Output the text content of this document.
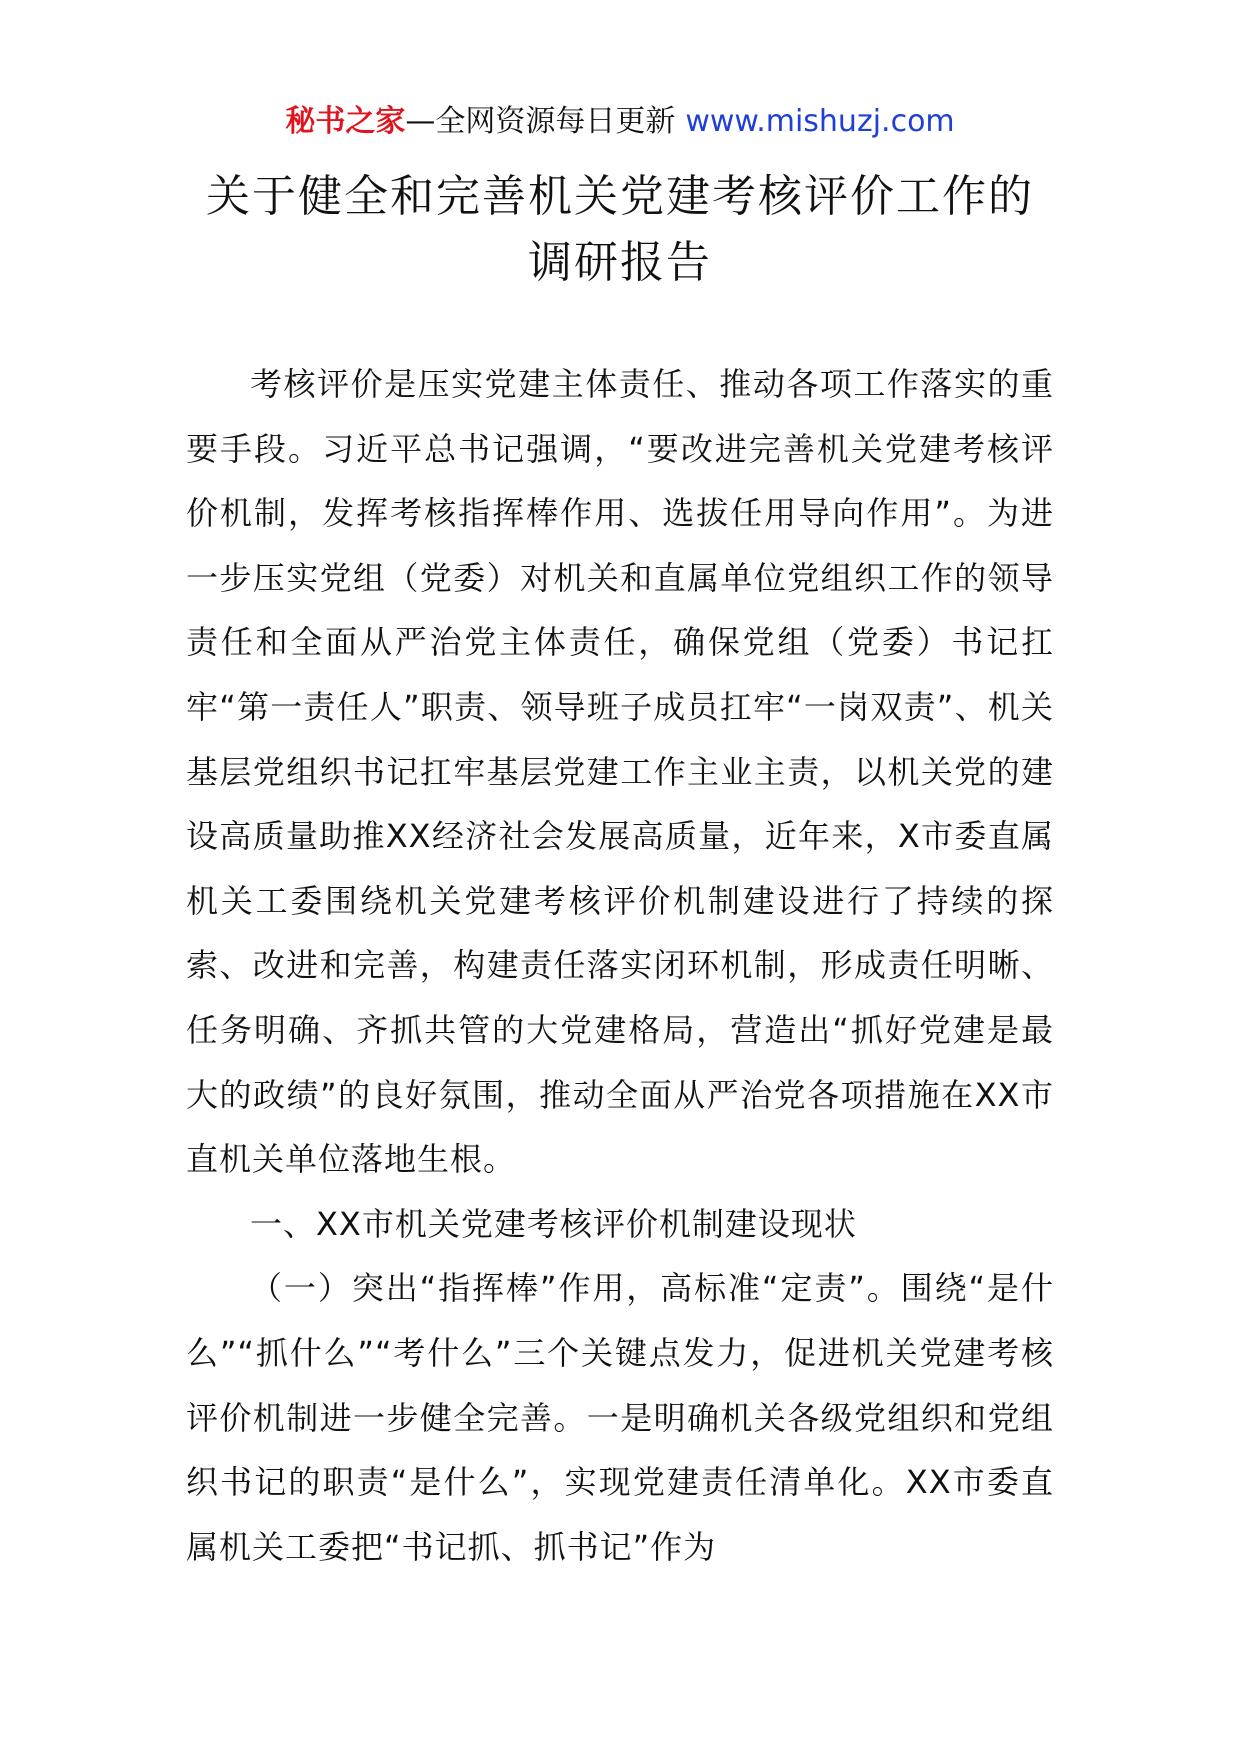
秘书之家—全网资源每日更新 www.mishuzj.com
关于健全和完善机关党建考核评价工作的
调研报告

考核评价是压实党建主体责任、推动各项工作落实的重要手段。习近平总书记强调，“要改进完善机关党建考核评价机制，发挥考核指挥棒作用、选拔任用导向作用”。为进一步压实党组（党委）对机关和直属单位党组织工作的领导责任和全面从严治党主体责任，确保党组（党委）书记扛牢“第一责任人”职责、领导班子成员扛牢“一岗双责”、机关基层党组织书记扛牢基层党建工作主业主责，以机关党的建设高质量助推XX经济社会发展高质量，近年来，X市委直属机关工委围绕机关党建考核评价机制建设进行了持续的探索、改进和完善，构建责任落实闭环机制，形成责任明晰、任务明确、齐抓共管的大党建格局，营造出“抓好党建是最大的政绩”的良好氛围，推动全面从严治党各项措施在XX市直机关单位落地生根。

一、XX市机关党建考核评价机制建设现状

（一）突出“指挥棒”作用，高标准“定责”。围绕“是什么”“抓什么”“考什么”三个关键点发力，促进机关党建考核评价机制进一步健全完善。一是明确机关各级党组织和党组织书记的职责“是什么”，实现党建责任清单化。XX市委直属机关工委把“书记抓、抓书记”作为
